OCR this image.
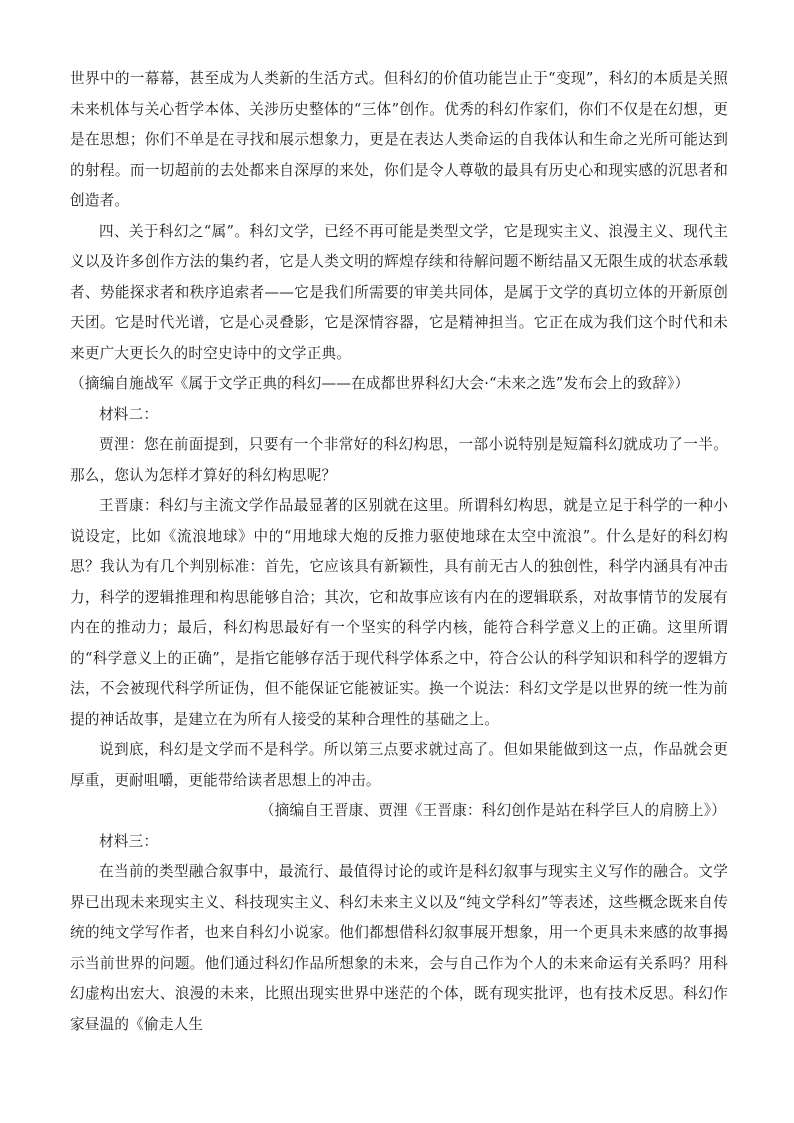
世界中的一幕幕，甚至成为人类新的生活方式。但科幻的价值功能岂止于“变现”，科幻的本质是关照未来机体与关心哲学本体、关涉历史整体的“三体”创作。优秀的科幻作家们，你们不仅是在幻想，更是在思想；你们不单是在寻找和展示想象力，更是在表达人类命运的自我体认和生命之光所可能达到的射程。而一切超前的去处都来自深厚的来处，你们是令人尊敬的最具有历史心和现实感的沉思者和创造者。

四、关于科幻之“属”。科幻文学，已经不再可能是类型文学，它是现实主义、浪漫主义、现代主义以及许多创作方法的集约者，它是人类文明的辉煌存续和待解问题不断结晶又无限生成的状态承载者、势能探求者和秩序追索者——它是我们所需要的审美共同体，是属于文学的真切立体的开新原创天团。它是时代光谱，它是心灵叠影，它是深情容器，它是精神担当。它正在成为我们这个时代和未来更广大更长久的时空史诗中的文学正典。

（摘编自施战军《属于文学正典的科幻——在成都世界科幻大会·“未来之选”发布会上的致辞》）

材料二：

贾浬：您在前面提到，只要有一个非常好的科幻构思，一部小说特别是短篇科幻就成功了一半。那么，您认为怎样才算好的科幻构思呢？

王晋康：科幻与主流文学作品最显著的区别就在这里。所谓科幻构思，就是立足于科学的一种小说设定，比如《流浪地球》中的“用地球大炮的反推力驱使地球在太空中流浪”。什么是好的科幻构思？我认为有几个判别标准：首先，它应该具有新颖性，具有前无古人的独创性，科学内涵具有冲击力，科学的逻辑推理和构思能够自洽；其次，它和故事应该有内在的逻辑联系，对故事情节的发展有内在的推动力；最后，科幻构思最好有一个坚实的科学内核，能符合科学意义上的正确。这里所谓的“科学意义上的正确”，是指它能够存活于现代科学体系之中，符合公认的科学知识和科学的逻辑方法，不会被现代科学所证伪，但不能保证它能被证实。换一个说法：科幻文学是以世界的统一性为前提的神话故事，是建立在为所有人接受的某种合理性的基础之上。

说到底，科幻是文学而不是科学。所以第三点要求就过高了。但如果能做到这一点，作品就会更厚重，更耐咀嚼，更能带给读者思想上的冲击。

（摘编自王晋康、贾浬《王晋康：科幻创作是站在科学巨人的肩膀上》）

材料三：

在当前的类型融合叙事中，最流行、最值得讨论的或许是科幻叙事与现实主义写作的融合。文学界已出现未来现实主义、科技现实主义、科幻未来主义以及“纯文学科幻”等表述，这些概念既来自传统的纯文学写作者，也来自科幻小说家。他们都想借科幻叙事展开想象，用一个更具未来感的故事揭示当前世界的问题。他们通过科幻作品所想象的未来，会与自己作为个人的未来命运有关系吗？用科幻虚构出宏大、浪漫的未来，比照出现实世界中迷茫的个体，既有现实批评，也有技术反思。科幻作家昼温的《偷走人生
